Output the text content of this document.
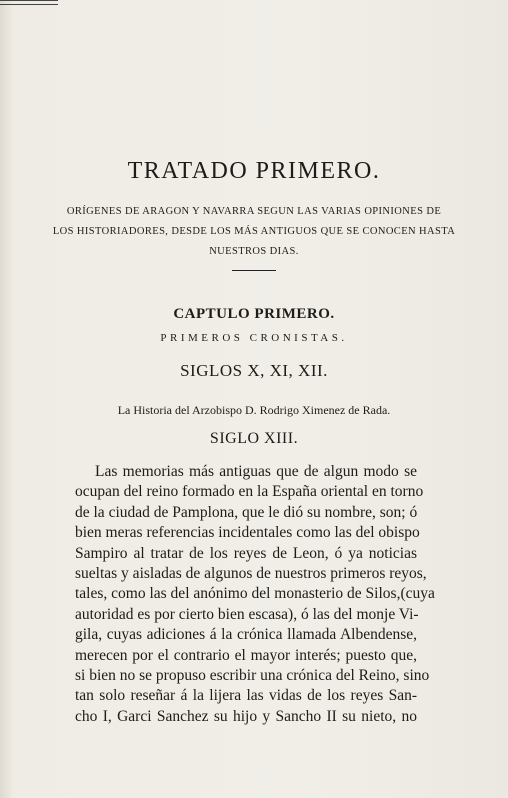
TRATADO PRIMERO.
ORÍGENES DE ARAGON Y NAVARRA SEGUN LAS VARIAS OPINIONES DE
LOS HISTORIADORES, DESDE LOS MÁS ANTIGUOS QUE SE CONOCEN HASTA
NUESTROS DIAS.
CAPTULO PRIMERO.
PRIMEROS CRONISTAS.
SIGLOS X, XI, XII.
La Historia del Arzobispo D. Rodrigo Ximenez de Rada.
SIGLO XIII.
Las memorias más antiguas que de algun modo se
ocupan del reino formado en la España oriental en torno
de la ciudad de Pamplona, que le dió su nombre, son; ó
bien meras referencias incidentales como las del obispo
Sampiro al tratar de los reyes de Leon, ó ya noticias
sueltas y aisladas de algunos de nuestros primeros reyos,
tales, como las del anónimo del monasterio de Silos,(cuya
autoridad es por cierto bien escasa), ó las del monje Vi-
gila, cuyas adiciones á la crónica llamada Albendense,
merecen por el contrario el mayor interés; puesto que,
si bien no se propuso escribir una crónica del Reino, sino
tan solo reseñar á la lijera las vidas de los reyes San-
cho I, Garci Sanchez su hijo y Sancho II su nieto, no
